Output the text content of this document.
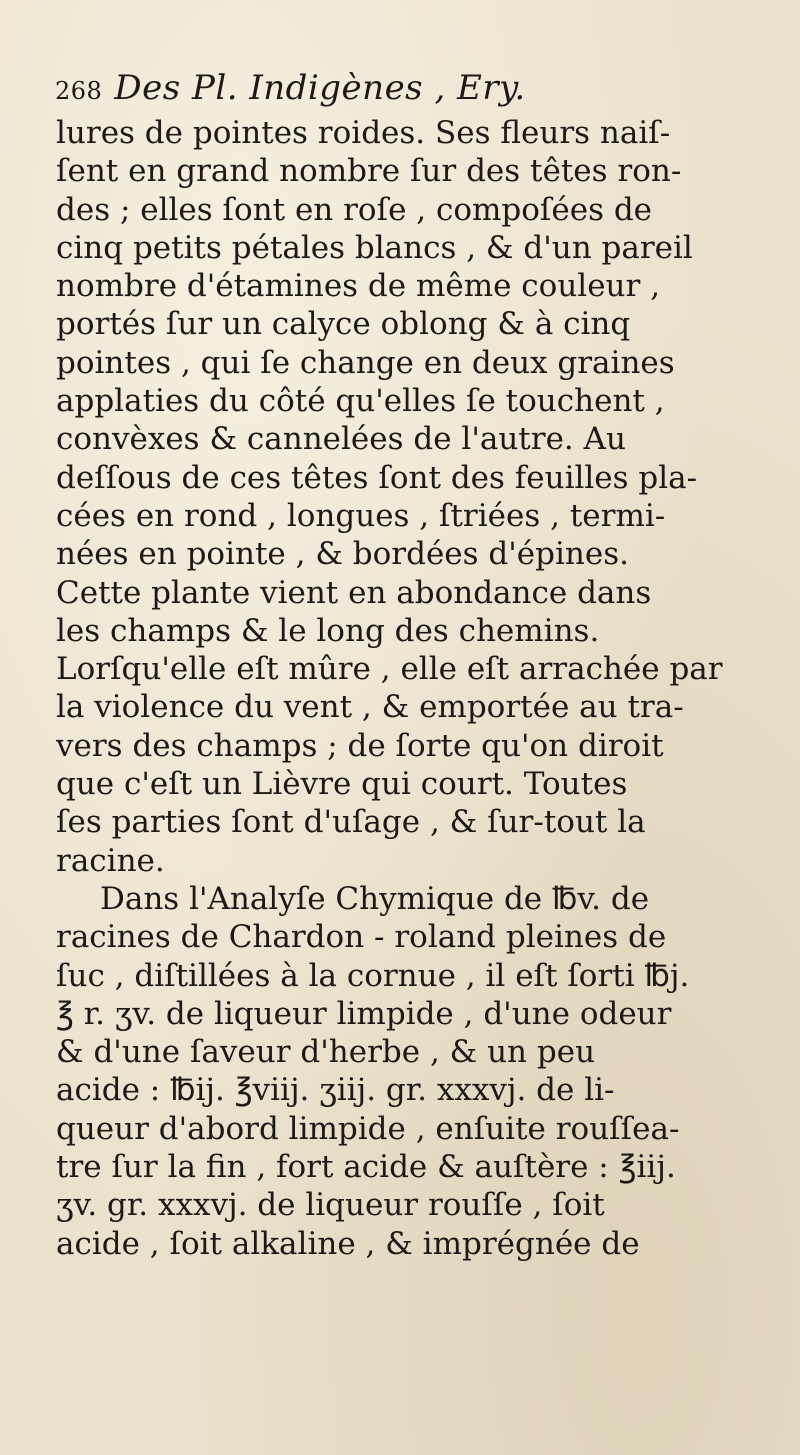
268 Des Pl. Indigènes , Ery.
lures de pointes roides. Ses fleurs naiſ-
ſent en grand nombre ſur des têtes ron-
des ; elles ſont en roſe , compoſées de
cinq petits pétales blancs , & d'un pareil
nombre d'étamines de même couleur ,
portés ſur un calyce oblong & à cinq
pointes , qui ſe change en deux graines
applaties du côté qu'elles ſe touchent ,
convèxes & cannelées de l'autre. Au
deſſous de ces têtes ſont des feuilles pla-
cées en rond , longues , ſtriées , termi-
nées en pointe , & bordées d'épines.
Cette plante vient en abondance dans
les champs & le long des chemins.
Lorſqu'elle eſt mûre , elle eſt arrachée par
la violence du vent , & emportée au tra-
vers des champs ; de ſorte qu'on diroit
que c'eſt un Lièvre qui court. Toutes
ſes parties ſont d'uſage , & ſur-tout la
racine.
Dans l'Analyſe Chymique de ℔v. de
racines de Chardon - roland pleines de
ſuc , diſtillées à la cornue , il eſt ſorti ℔j.
℥ r. ʒv. de liqueur limpide , d'une odeur
& d'une ſaveur d'herbe , & un peu
acide : ℔ij. ℥viij. ʒiij. gr. xxxvj. de li-
queur d'abord limpide , enſuite rouſſea-
tre ſur la fin , fort acide & auſtère : ℥iij.
ʒv. gr. xxxvj. de liqueur rouſſe , ſoit
acide , ſoit alkaline , & imprégnée de
